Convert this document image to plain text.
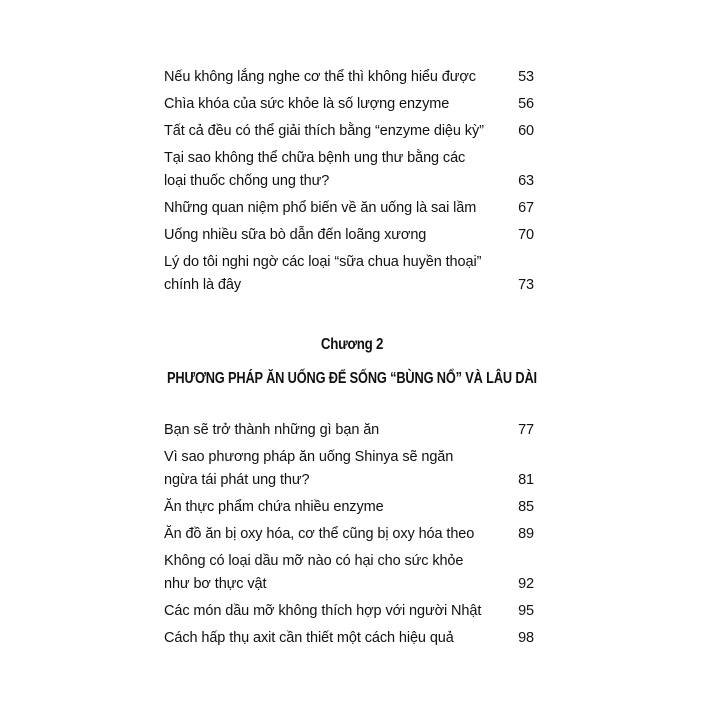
Nếu không lắng nghe cơ thể thì không hiểu được	53
Chìa khóa của sức khỏe là số lượng enzyme	56
Tất cả đều có thể giải thích bằng “enzyme diệu kỳ”	60
Tại sao không thể chữa bệnh ung thư bằng các loại thuốc chống ung thư?	63
Những quan niệm phổ biến về ăn uống là sai lầm	67
Uống nhiều sữa bò dẫn đến loãng xương	70
Lý do tôi nghi ngờ các loại “sữa chua huyền thoại” chính là đây	73
Chương 2
PHƯƠNG PHÁP ĂN UỐNG ĐỂ SỐNG “BÙNG NỔ” VÀ LÂU DÀI
Bạn sẽ trở thành những gì bạn ăn	77
Vì sao phương pháp ăn uống Shinya sẽ ngăn ngừa tái phát ung thư?	81
Ăn thực phẩm chứa nhiều enzyme	85
Ăn đồ ăn bị oxy hóa, cơ thể cũng bị oxy hóa theo	89
Không có loại dầu mỡ nào có hại cho sức khỏe như bơ thực vật	92
Các món dầu mỡ không thích hợp với người Nhật	95
Cách hấp thụ axit cần thiết một cách hiệu quả	98
